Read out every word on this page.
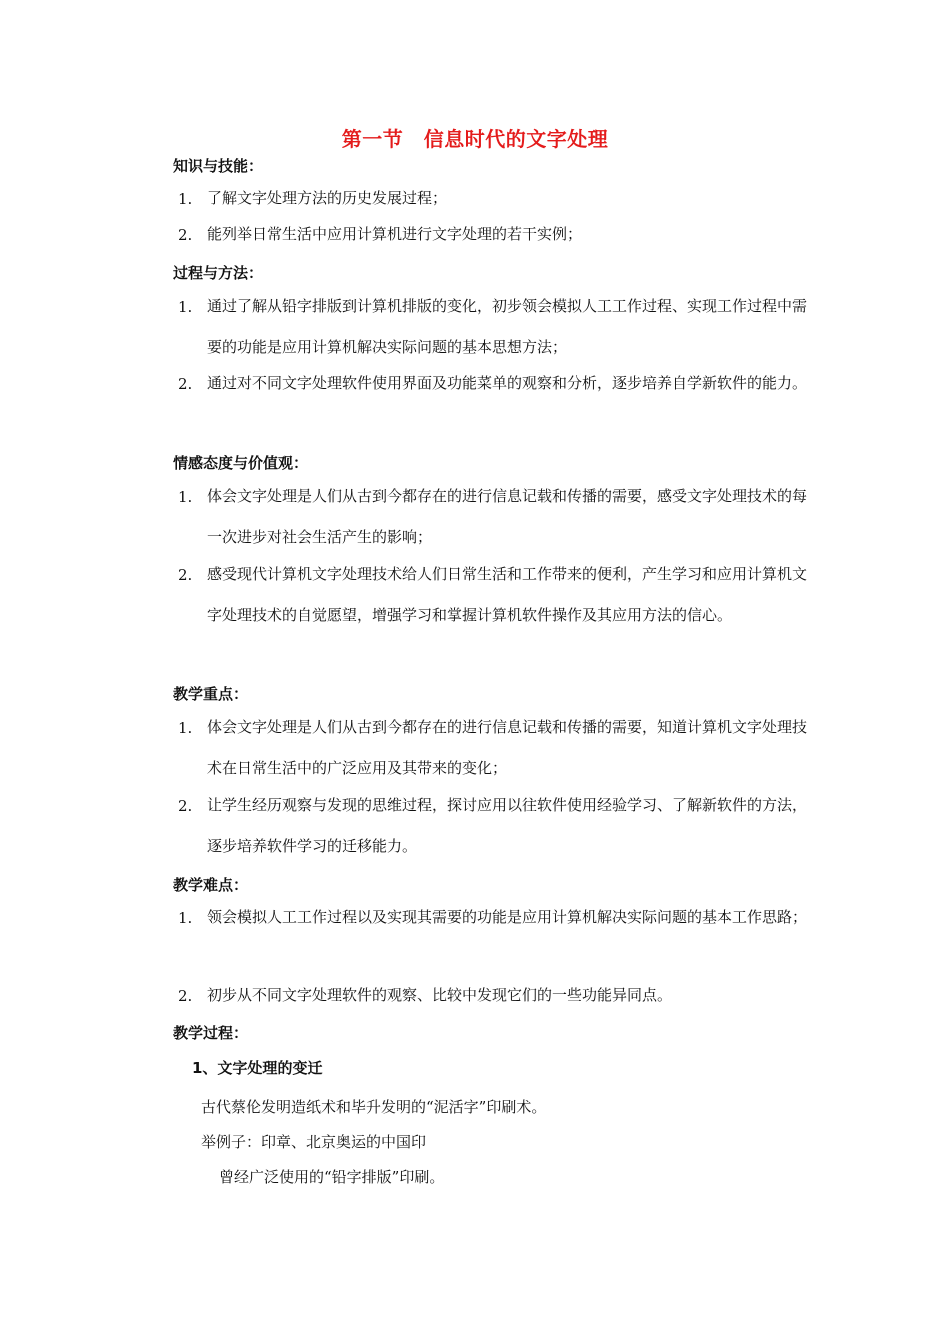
第一节　信息时代的文字处理
知识与技能：
1. 了解文字处理方法的历史发展过程；
2. 能列举日常生活中应用计算机进行文字处理的若干实例；
过程与方法：
1. 通过了解从铅字排版到计算机排版的变化，初步领会模拟人工工作过程、实现工作过程中需要的功能是应用计算机解决实际问题的基本思想方法；
2. 通过对不同文字处理软件使用界面及功能菜单的观察和分析，逐步培养自学新软件的能力。
情感态度与价值观：
1. 体会文字处理是人们从古到今都存在的进行信息记载和传播的需要，感受文字处理技术的每一次进步对社会生活产生的影响；
2. 感受现代计算机文字处理技术给人们日常生活和工作带来的便利，产生学习和应用计算机文字处理技术的自觉愿望，增强学习和掌握计算机软件操作及其应用方法的信心。
教学重点：
1. 体会文字处理是人们从古到今都存在的进行信息记载和传播的需要，知道计算机文字处理技术在日常生活中的广泛应用及其带来的变化；
2. 让学生经历观察与发现的思维过程，探讨应用以往软件使用经验学习、了解新软件的方法，逐步培养软件学习的迁移能力。
教学难点：
1. 领会模拟人工工作过程以及实现其需要的功能是应用计算机解决实际问题的基本工作思路；
2. 初步从不同文字处理软件的观察、比较中发现它们的一些功能异同点。
教学过程：
1、文字处理的变迁
古代蔡伦发明造纸术和毕升发明的“泥活字”印刷术。
举例子：印章、北京奥运的中国印
曾经广泛使用的“铅字排版”印刷。
